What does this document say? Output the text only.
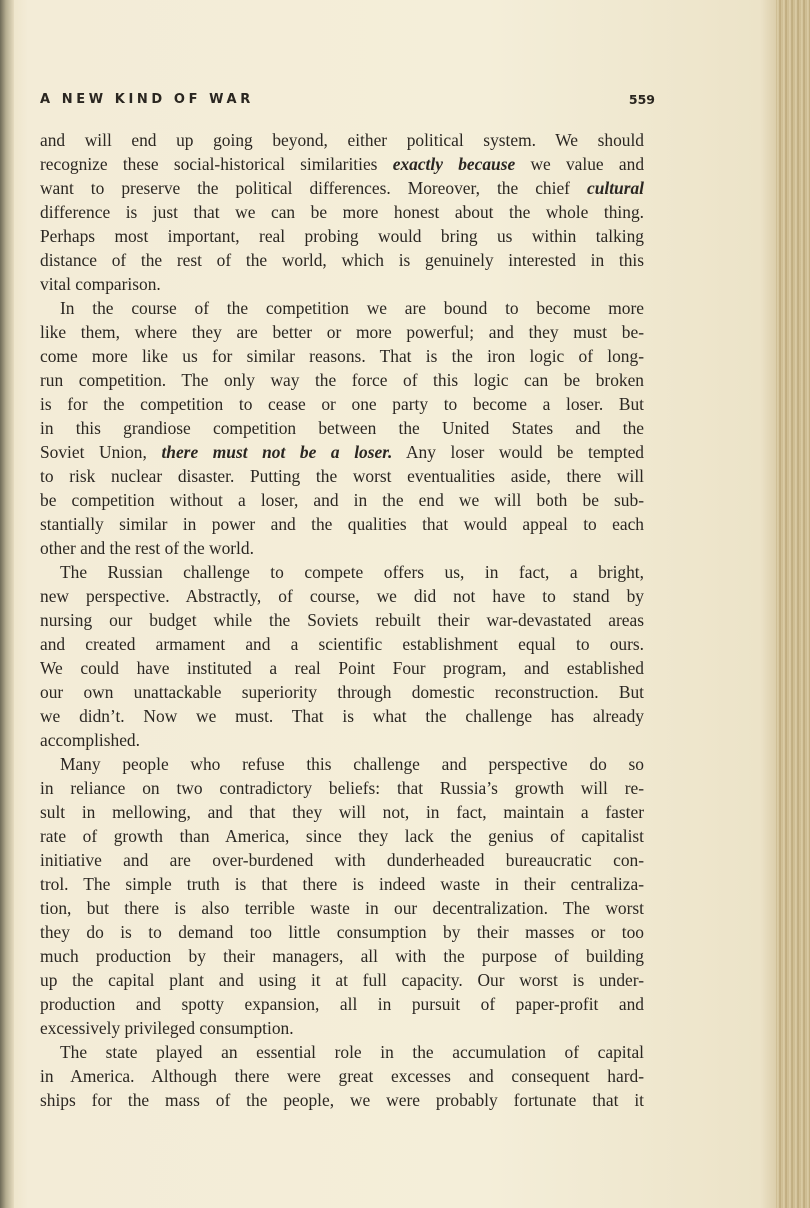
A NEW KIND OF WAR	559
and will end up going beyond, either political system. We should
recognize these social-historical similarities exactly because we value and
want to preserve the political differences. Moreover, the chief cultural
difference is just that we can be more honest about the whole thing.
Perhaps most important, real probing would bring us within talking
distance of the rest of the world, which is genuinely interested in this
vital comparison.
In the course of the competition we are bound to become more
like them, where they are better or more powerful; and they must be-
come more like us for similar reasons. That is the iron logic of long-
run competition. The only way the force of this logic can be broken
is for the competition to cease or one party to become a loser. But
in this grandiose competition between the United States and the
Soviet Union, there must not be a loser. Any loser would be tempted
to risk nuclear disaster. Putting the worst eventualities aside, there will
be competition without a loser, and in the end we will both be sub-
stantially similar in power and the qualities that would appeal to each
other and the rest of the world.
The Russian challenge to compete offers us, in fact, a bright,
new perspective. Abstractly, of course, we did not have to stand by
nursing our budget while the Soviets rebuilt their war-devastated areas
and created armament and a scientific establishment equal to ours.
We could have instituted a real Point Four program, and established
our own unattackable superiority through domestic reconstruction. But
we didn’t. Now we must. That is what the challenge has already
accomplished.
Many people who refuse this challenge and perspective do so
in reliance on two contradictory beliefs: that Russia’s growth will re-
sult in mellowing, and that they will not, in fact, maintain a faster
rate of growth than America, since they lack the genius of capitalist
initiative and are over-burdened with dunderheaded bureaucratic con-
trol. The simple truth is that there is indeed waste in their centraliza-
tion, but there is also terrible waste in our decentralization. The worst
they do is to demand too little consumption by their masses or too
much production by their managers, all with the purpose of building
up the capital plant and using it at full capacity. Our worst is under-
production and spotty expansion, all in pursuit of paper-profit and
excessively privileged consumption.
The state played an essential role in the accumulation of capital
in America. Although there were great excesses and consequent hard-
ships for the mass of the people, we were probably fortunate that it
